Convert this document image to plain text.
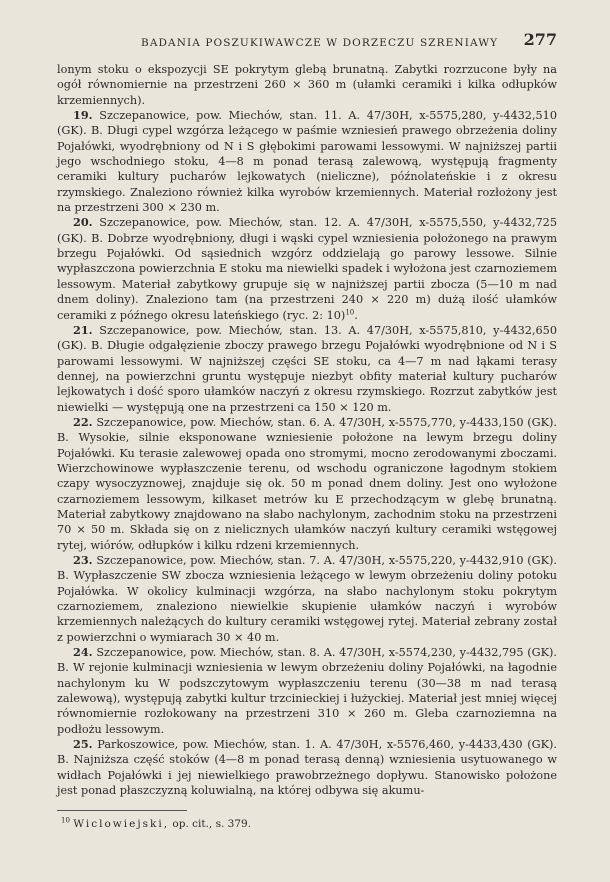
BADANIA POSZUKIWAWCZE W DORZECZU SZRENIAWY 277

lonym stoku o ekspozycji SE pokrytym glebą brunatną. Zabytki rozrzucone były na ogół równomiernie na przestrzeni 260 × 360 m (ułamki ceramiki i kilka odłupków krzemiennych).

19. Szczepanowice, pow. Miechów, stan. 11. A. 47/30H, x-5575,280, y-4432,510 (GK). B. Długi cypel wzgórza leżącego w paśmie wzniesień prawego obrzeżenia doliny Pojałówki, wyodrębniony od N i S głębokimi parowami lessowymi. W najniższej partii jego wschodniego stoku, 4—8 m ponad terasą zalewową, występują fragmenty ceramiki kultury pucharów lejkowatych (nieliczne), późnolateńskie i z okresu rzymskiego. Znaleziono również kilka wyrobów krzemiennych. Materiał rozłożony jest na przestrzeni 300 × 230 m.

20. Szczepanowice, pow. Miechów, stan. 12. A. 47/30H, x-5575,550, y-4432,725 (GK). B. Dobrze wyodrębniony, długi i wąski cypel wzniesienia położonego na prawym brzegu Pojałówki. Od sąsiednich wzgórz oddzielają go parowy lessowe. Silnie wypłaszczona powierzchnia E stoku ma niewielki spadek i wyłożona jest czarnoziemem lessowym. Materiał zabytkowy grupuje się w najniższej partii zbocza (5—10 m nad dnem doliny). Znaleziono tam (na przestrzeni 240 × 220 m) dużą ilość ułamków ceramiki z późnego okresu lateńskiego (ryc. 2: 10)$^{10}$.

21. Szczepanowice, pow. Miechów, stan. 13. A. 47/30H, x-5575,810, y-4432,650 (GK). B. Długie odgałęzienie zboczy prawego brzegu Pojałówki wyodrębnione od N i S parowami lessowymi. W najniższej części SE stoku, ca 4—7 m nad łąkami terasy dennej, na powierzchni gruntu występuje niezbyt obfity materiał kultury pucharów lejkowatych i dość sporo ułamków naczyń z okresu rzymskiego. Rozrzut zabytków jest niewielki — występują one na przestrzeni ca 150 × 120 m.

22. Szczepanowice, pow. Miechów, stan. 6. A. 47/30H, x-5575,770, y-4433,150 (GK). B. Wysokie, silnie eksponowane wzniesienie położone na lewym brzegu doliny Pojałówki. Ku terasie zalewowej opada ono stromymi, mocno zerodowanymi zboczami. Wierzchowinowe wypłaszczenie terenu, od wschodu ograniczone łagodnym stokiem czapy wysoczyznowej, znajduje się ok. 50 m ponad dnem doliny. Jest ono wyłożone czarnoziemem lessowym, kilkaset metrów ku E przechodzącym w glebę brunatną. Materiał zabytkowy znajdowano na słabo nachylonym, zachodnim stoku na przestrzeni 70 × 50 m. Składa się on z nielicznych ułamków naczyń kultury ceramiki wstęgowej rytej, wiórów, odłupków i kilku rdzeni krzemiennych.

23. Szczepanowice, pow. Miechów, stan. 7. A. 47/30H, x-5575,220, y-4432,910 (GK). B. Wypłaszczenie SW zbocza wzniesienia leżącego w lewym obrzeżeniu doliny potoku Pojałówka. W okolicy kulminacji wzgórza, na słabo nachylonym stoku pokrytym czarnoziemem, znaleziono niewielkie skupienie ułamków naczyń i wyrobów krzemiennych należących do kultury ceramiki wstęgowej rytej. Materiał zebrany został z powierzchni o wymiarach 30 × 40 m.

24. Szczepanowice, pow. Miechów, stan. 8. A. 47/30H, x-5574,230, y-4432,795 (GK). B. W rejonie kulminacji wzniesienia w lewym obrzeżeniu doliny Pojałówki, na łagodnie nachylonym ku W podszczytowym wypłaszczeniu terenu (30—38 m nad terasą zalewową), występują zabytki kultur trzcinieckiej i łużyckiej. Materiał jest mniej więcej równomiernie rozłokowany na przestrzeni 310 × 260 m. Gleba czarnoziemna na podłożu lessowym.

25. Parkoszowice, pow. Miechów, stan. 1. A. 47/30H, x-5576,460, y-4433,430 (GK). B. Najniższa część stoków (4—8 m ponad terasą denną) wzniesienia usytuowanego w widłach Pojałówki i jej niewielkiego prawobrzeżnego dopływu. Stanowisko położone jest ponad płaszczyzną koluwialną, na której odbywa się akumu-

$^{10}$ Wiclowiejski, op. cit., s. 379.
